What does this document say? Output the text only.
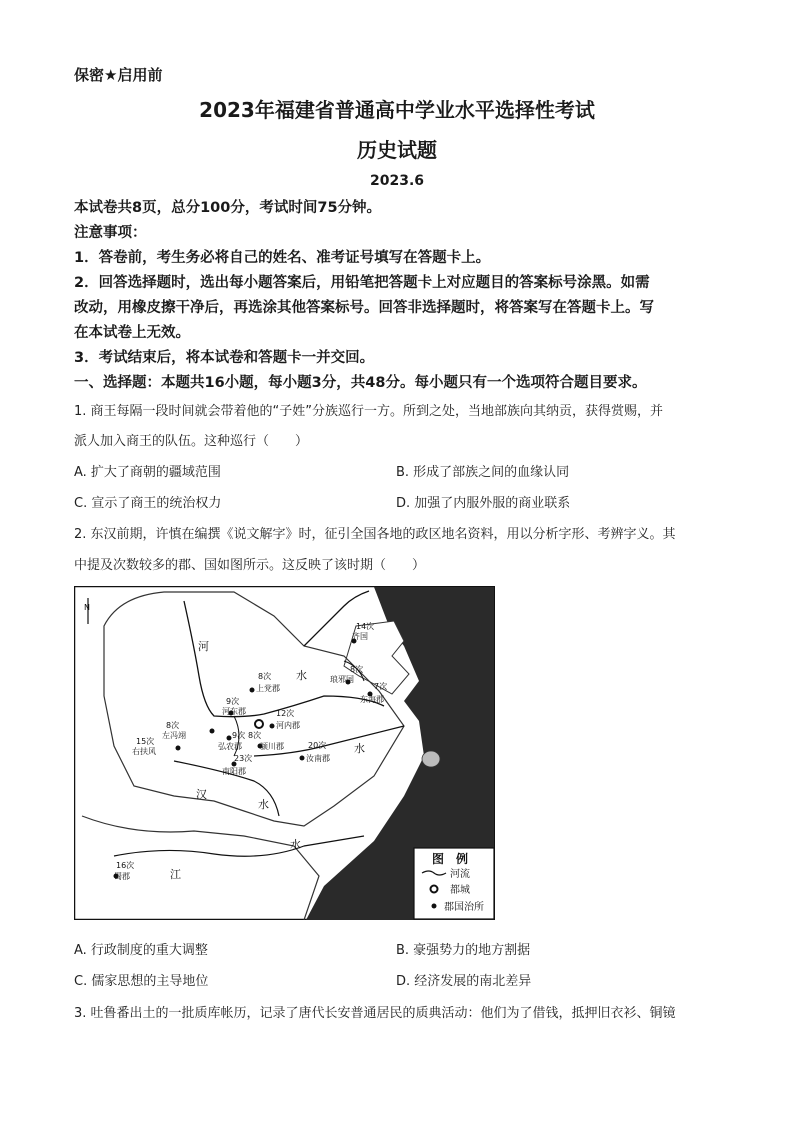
保密★启用前
2023年福建省普通高中学业水平选择性考试
历史试题
2023.6
本试卷共8页，总分100分，考试时间75分钟。
注意事项：
1．答卷前，考生务必将自己的姓名、准考证号填写在答题卡上。
2．回答选择题时，选出每小题答案后，用铅笔把答题卡上对应题目的答案标号涂黑。如需
改动，用橡皮擦干净后，再选涂其他答案标号。回答非选择题时，将答案写在答题卡上。写
在本试卷上无效。
3．考试结束后，将本试卷和答题卡一并交回。
一、选择题：本题共16小题，每小题3分，共48分。每小题只有一个选项符合题目要求。
1. 商王每隔一段时间就会带着他的“子姓”分族巡行一方。所到之处，当地部族向其纳贡，获得赏赐，并
派人加入商王的队伍。这种巡行（　　）
A. 扩大了商朝的疆域范围	B. 形成了部族之间的血缘认同
C. 宣示了商王的统治权力	D. 加强了内服外服的商业联系
2. 东汉前期，许慎在编撰《说文解字》时，征引全国各地的政区地名资料，用以分析字形、考辨字义。其
中提及次数较多的郡、国如图所示。这反映了该时期（　　）
N
河
水
水
汉
水
水
江
14次
齐国
8次
琅邪国
7次
东海郡
8次
上党郡
9次
河东郡	12次
河内郡
8次
左冯翊
15次
右扶风
9次
弘农郡
8次
颍川郡	20次
汝南郡
23次
南阳郡
16次
蜀郡
图　例
河流
都城
郡国治所
A. 行政制度的重大调整	B. 豪强势力的地方割据
C. 儒家思想的主导地位	D. 经济发展的南北差异
3. 吐鲁番出土的一批质库帐历，记录了唐代长安普通居民的质典活动：他们为了借钱，抵押旧衣衫、铜镜
